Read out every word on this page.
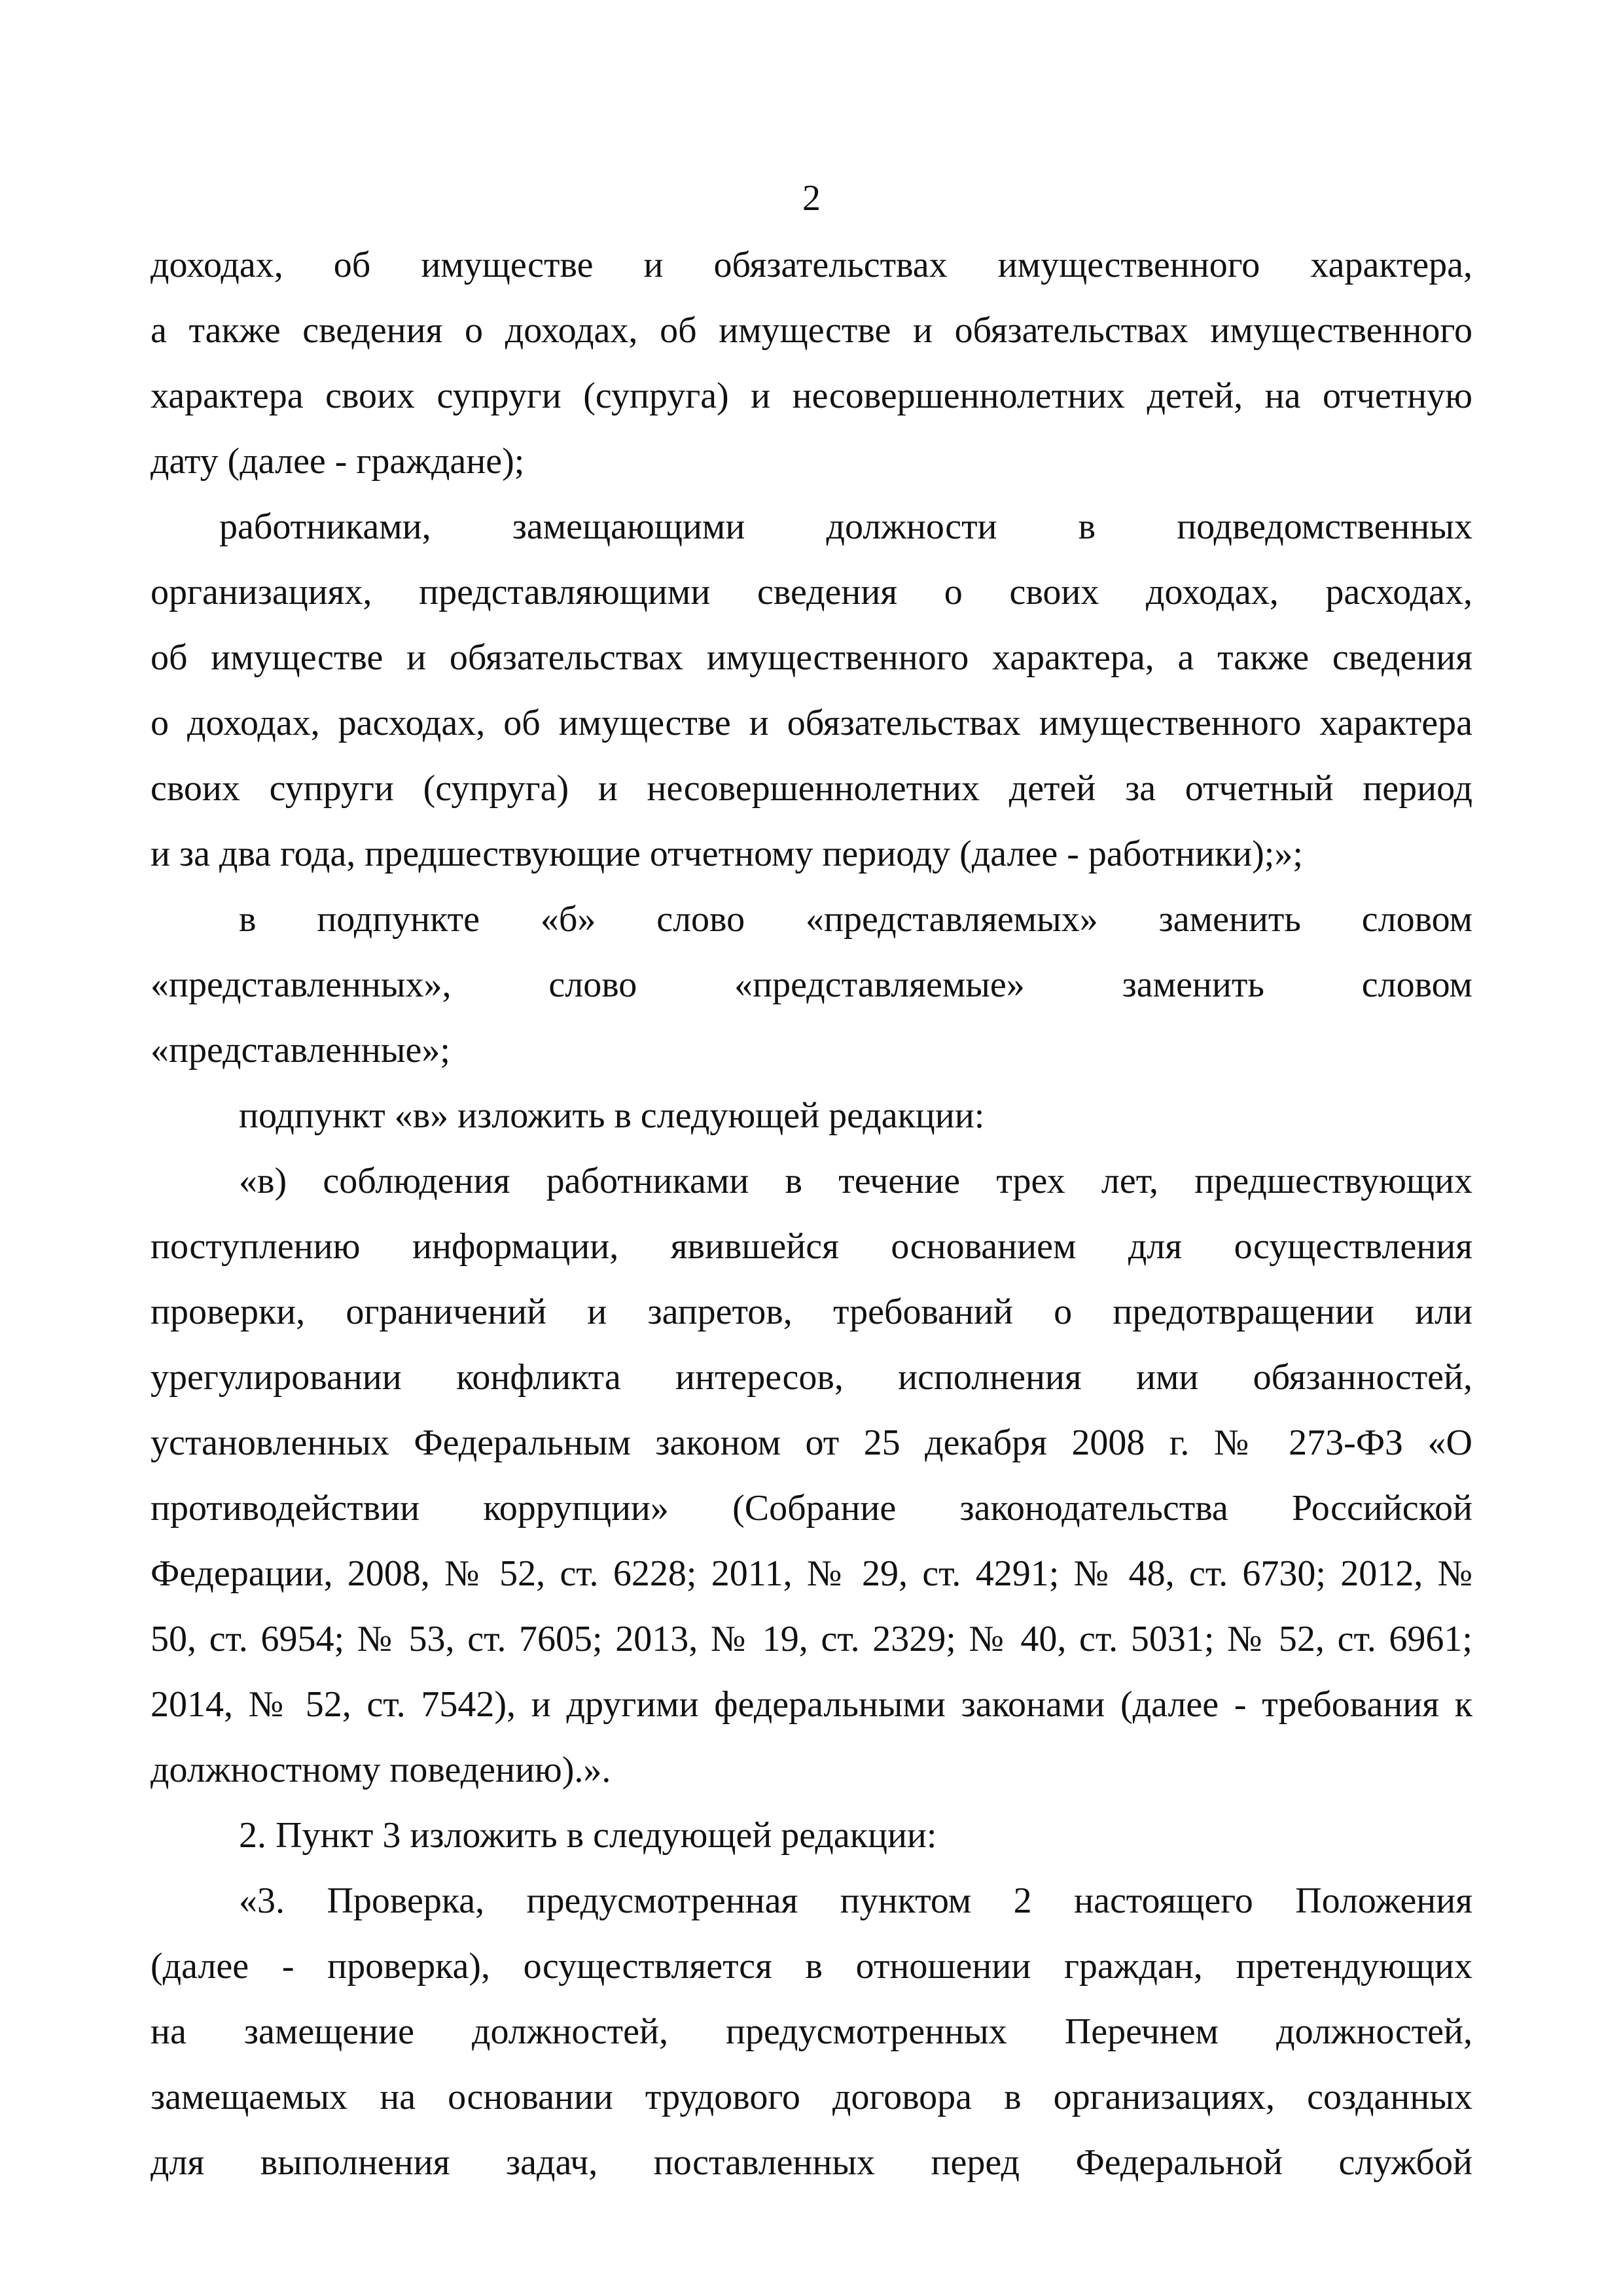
2
доходах, об имуществе и обязательствах имущественного характера,
а также сведения о доходах, об имуществе и обязательствах имущественного
характера своих супруги (супруга) и несовершеннолетних детей, на отчетную
дату (далее - граждане);
работниками, замещающими должности в подведомственных
организациях, представляющими сведения о своих доходах, расходах,
об имуществе и обязательствах имущественного характера, а также сведения
о доходах, расходах, об имуществе и обязательствах имущественного характера
своих супруги (супруга) и несовершеннолетних детей за отчетный период
и за два года, предшествующие отчетному периоду (далее - работники);»;
в подпункте «б» слово «представляемых» заменить словом
«представленных», слово «представляемые» заменить словом
«представленные»;
подпункт «в» изложить в следующей редакции:
«в) соблюдения работниками в течение трех лет, предшествующих
поступлению информации, явившейся основанием для осуществления
проверки, ограничений и запретов, требований о предотвращении или
урегулировании конфликта интересов, исполнения ими обязанностей,
установленных Федеральным законом от 25 декабря 2008 г. № 273-ФЗ «О
противодействии коррупции» (Собрание законодательства Российской
Федерации, 2008, № 52, ст. 6228; 2011, № 29, ст. 4291; № 48, ст. 6730; 2012, №
50, ст. 6954; № 53, ст. 7605; 2013, № 19, ст. 2329; № 40, ст. 5031; № 52, ст. 6961;
2014, № 52, ст. 7542), и другими федеральными законами (далее - требования к
должностному поведению).».
2. Пункт 3 изложить в следующей редакции:
«3. Проверка, предусмотренная пунктом 2 настоящего Положения
(далее - проверка), осуществляется в отношении граждан, претендующих
на замещение должностей, предусмотренных Перечнем должностей,
замещаемых на основании трудового договора в организациях, созданных
для выполнения задач, поставленных перед Федеральной службой
